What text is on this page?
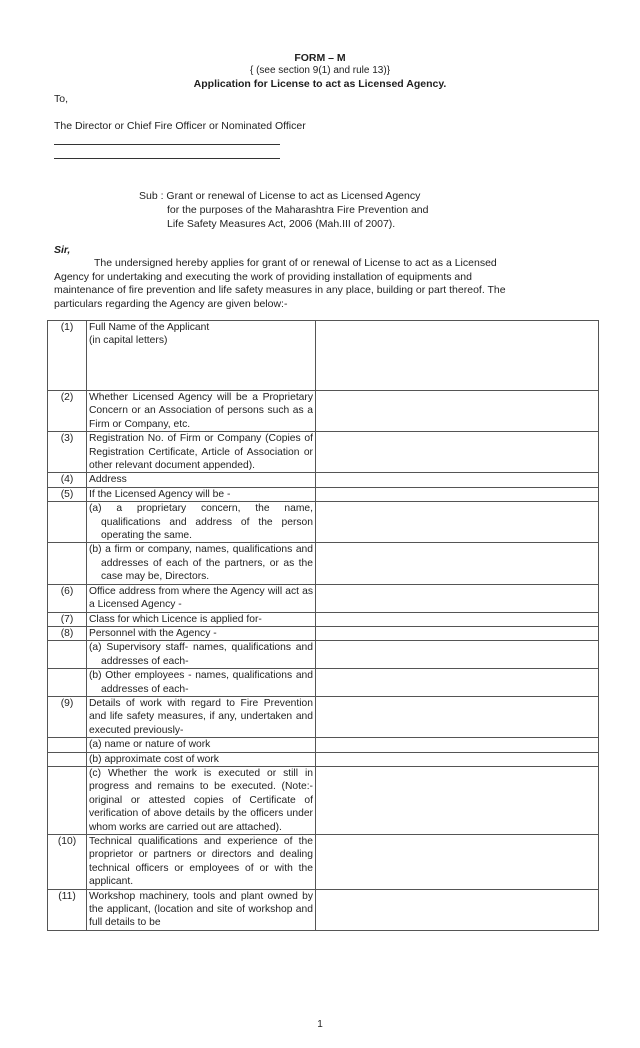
FORM – M
{ (see section 9(1) and rule 13)}
Application for License to act as Licensed Agency.
To,
The Director or Chief Fire Officer or Nominated Officer
Sub : Grant or renewal of License to act as Licensed Agency
for the purposes of the Maharashtra Fire Prevention and
Life Safety Measures Act, 2006 (Mah.III of 2007).
Sir,

The undersigned hereby applies for grant of or renewal of License to act as a Licensed

Agency for undertaking and executing the work of providing installation of equipments and

maintenance of fire prevention and life safety measures in any place, building or part thereof. The

particulars regarding the Agency are given below:-

(1)	Full Name of the Applicant
(in capital letters)	
(2)	Whether Licensed Agency will be a Proprietary Concern or an Association of persons such as a Firm or Company, etc.	
(3)	Registration No. of Firm or Company (Copies of Registration Certificate, Article of Association or other relevant document appended).	
(4)	Address	
(5)	If the Licensed Agency will be -	
	(a) a proprietary concern, the name, qualifications and address of the person operating the same.	
	(b) a firm or company, names, qualifications and addresses of each of the partners, or as the case may be, Directors.	
(6)	Office address from where the Agency will act as a Licensed Agency -	
(7)	Class for which Licence is applied for-	
(8)	Personnel with the Agency -	
	(a) Supervisory staff- names, qualifications and addresses of each-	
	(b) Other employees - names, qualifications and addresses of each-	
(9)	Details of work with regard to Fire Prevention and life safety measures, if any, undertaken and executed previously-	
	(a) name or nature of work	
	(b) approximate cost of work	
	(c) Whether the work is executed or still in progress and remains to be executed. (Note:- original or attested copies of Certificate of verification of above details by the officers under whom works are carried out are attached).	
(10)	Technical qualifications and experience of the proprietor or partners or directors and dealing technical officers or employees of or with the applicant.	
(11)	Workshop machinery, tools and plant owned by the applicant, (location and site of workshop and full details to be	
1
